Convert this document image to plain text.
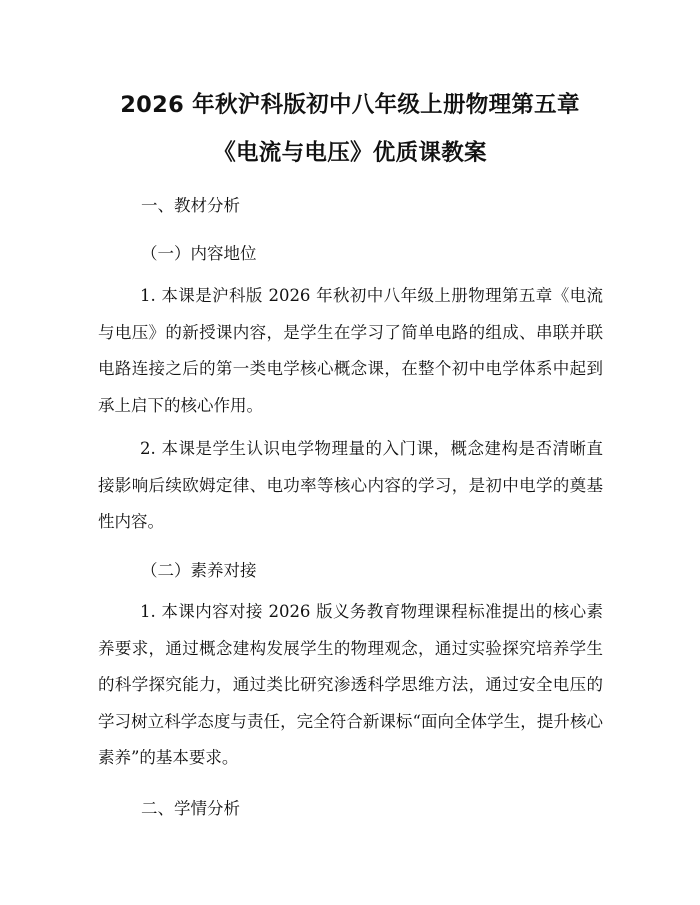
2026 年秋沪科版初中八年级上册物理第五章
《电流与电压》优质课教案
一、教材分析
（一）内容地位

1. 本课是沪科版 2026 年秋初中八年级上册物理第五章《电流与电压》的新授课内容，是学生在学习了简单电路的组成、串联并联电路连接之后的第一类电学核心概念课，在整个初中电学体系中起到承上启下的核心作用。

2. 本课是学生认识电学物理量的入门课，概念建构是否清晰直接影响后续欧姆定律、电功率等核心内容的学习，是初中电学的奠基性内容。

（二）素养对接

1. 本课内容对接 2026 版义务教育物理课程标准提出的核心素养要求，通过概念建构发展学生的物理观念，通过实验探究培养学生的科学探究能力，通过类比研究渗透科学思维方法，通过安全电压的学习树立科学态度与责任，完全符合新课标“面向全体学生，提升核心素养”的基本要求。

二、学情分析
